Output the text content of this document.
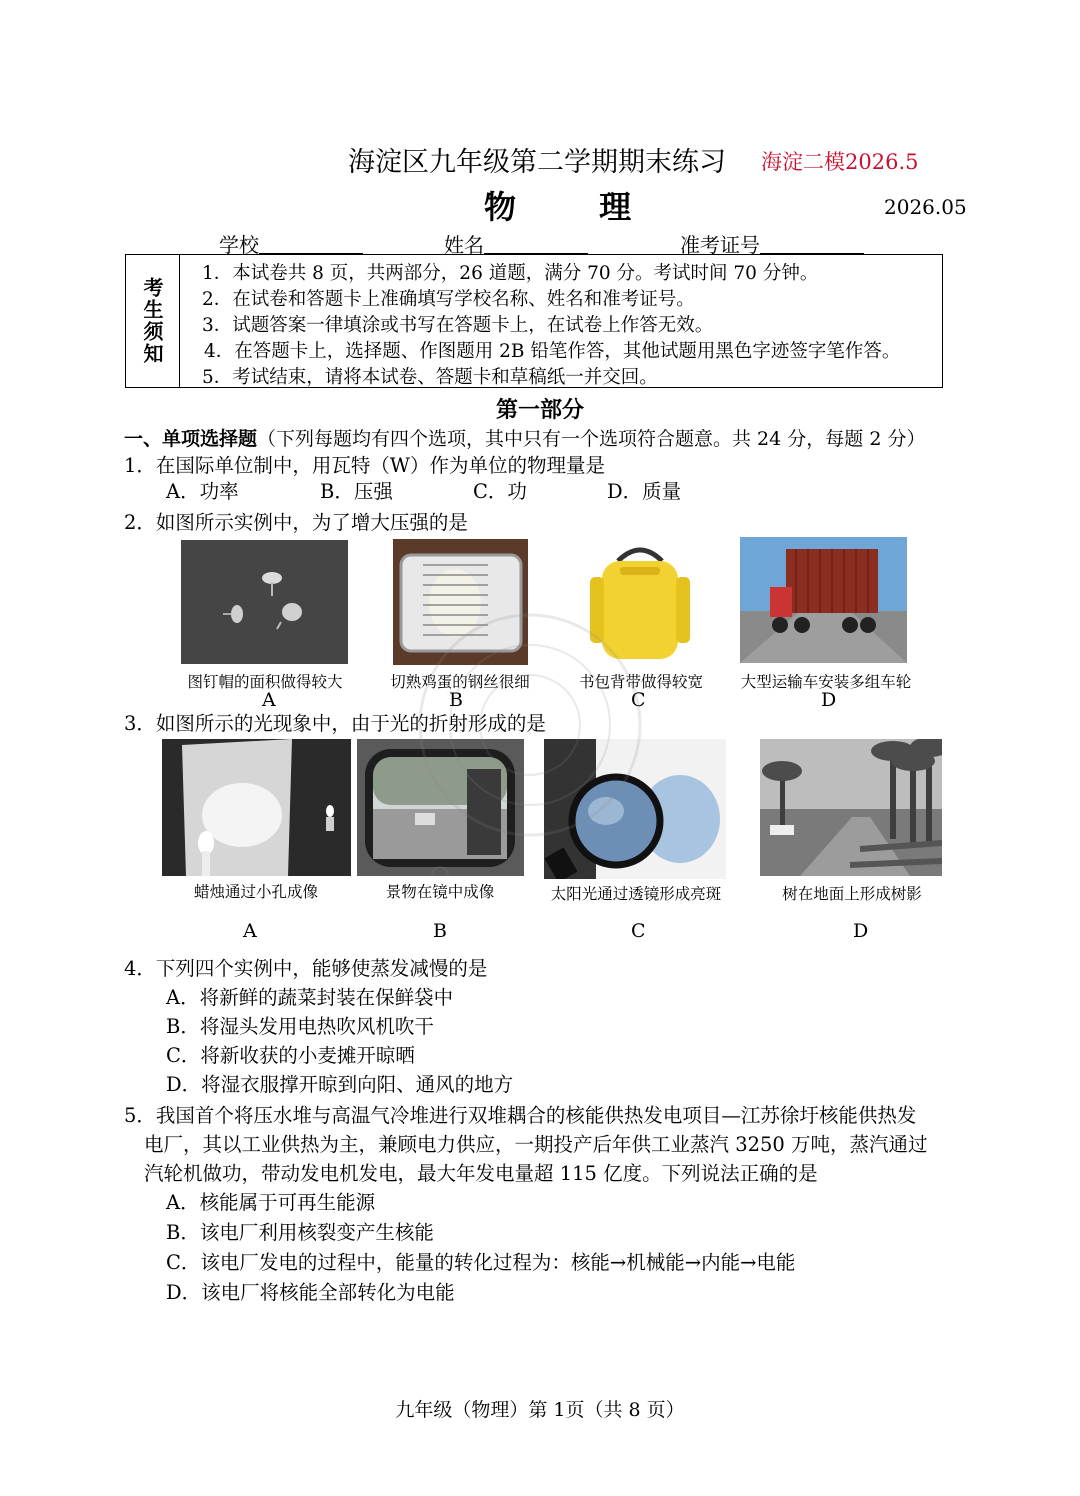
海淀区九年级第二学期期末练习 海淀二模2026.5
物 理	2026.05
学校	姓名	准考证号
考生须知
1．本试卷共 8 页，共两部分，26 道题，满分 70 分。考试时间 70 分钟。
2．在试卷和答题卡上准确填写学校名称、姓名和准考证号。
3．试题答案一律填涂或书写在答题卡上，在试卷上作答无效。
4．在答题卡上，选择题、作图题用 2B 铅笔作答，其他试题用黑色字迹签字笔作答。
5．考试结束，请将本试卷、答题卡和草稿纸一并交回。
第一部分
一、单项选择题（下列每题均有四个选项，其中只有一个选项符合题意。共 24 分，每题 2 分）
1．在国际单位制中，用瓦特（W）作为单位的物理量是
A．功率	B．压强	C．功	D．质量
2．如图所示实例中，为了增大压强的是
图钉帽的面积做得较大	切熟鸡蛋的钢丝很细	书包背带做得较宽	大型运输车安装多组车轮
A	B	C	D
3．如图所示的光现象中，由于光的折射形成的是
蜡烛通过小孔成像	景物在镜中成像	太阳光通过透镜形成亮斑	树在地面上形成树影
A	B	C	D
4．下列四个实例中，能够使蒸发减慢的是
A．将新鲜的蔬菜封装在保鲜袋中
B．将湿头发用电热吹风机吹干
C．将新收获的小麦摊开晾晒
D．将湿衣服撑开晾到向阳、通风的地方
5．我国首个将压水堆与高温气冷堆进行双堆耦合的核能供热发电项目—江苏徐圩核能供热发
电厂，其以工业供热为主，兼顾电力供应，一期投产后年供工业蒸汽 3250 万吨，蒸汽通过
汽轮机做功，带动发电机发电，最大年发电量超 115 亿度。下列说法正确的是
A．核能属于可再生能源
B．该电厂利用核裂变产生核能
C．该电厂发电的过程中，能量的转化过程为：核能→机械能→内能→电能
D．该电厂将核能全部转化为电能
九年级（物理）第 1页（共 8 页）
